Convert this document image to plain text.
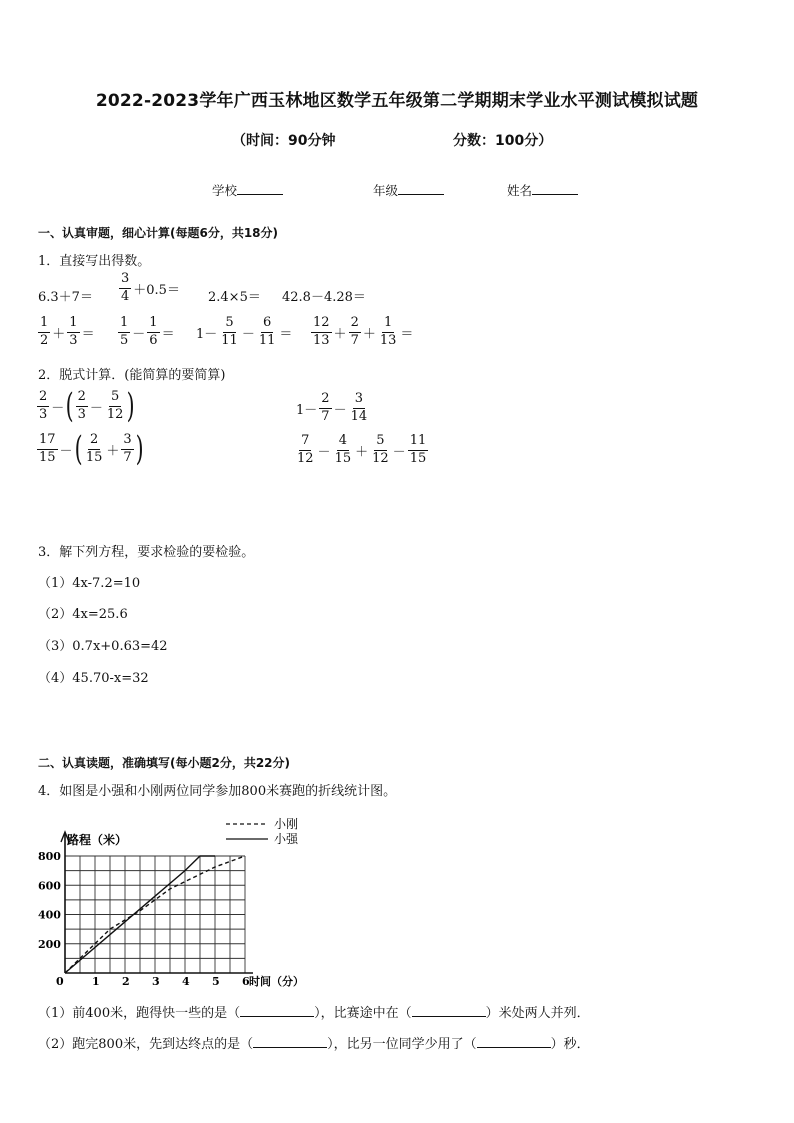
2022-2023学年广西玉林地区数学五年级第二学期期末学业水平测试模拟试题
（时间：90分钟	分数：100分）
学校	年级	姓名
一、认真审题，细心计算(每题6分，共18分)
1．直接写出得数。
$6.3+7= \frac{3}{4} +0.5= 2.4\times 5= 42.8-4.28=$
$\frac{1}{2} + \frac{1}{3} = \frac{1}{5} - \frac{1}{6} = 1- \frac{5}{11} - \frac{6}{11} = \frac{12}{13} + \frac{2}{7} + \frac{1}{13}$ ＝
2．脱式计算．(能简算的要简算)
$\frac{2}{3}$ －( $\frac{2}{3} - \frac{5}{12}$ )	$1- \frac{2}{7} - \frac{3}{14}$
$\frac{17}{15}$ －( $\frac{2}{15} + \frac{3}{7}$ )	$\frac{7}{12} - \frac{4}{15} + \frac{5}{12} - \frac{11}{15}$
3．解下列方程，要求检验的要检验。
（1）4x-7.2=10
（2）4x=25.6
（3）0.7x+0.63=42
（4）45.70-x=32
二、认真读题，准确填写(每小题2分，共22分)
4．如图是小强和小刚两位同学参加800米赛跑的折线统计图。
0	1 2 3 4 5 6
200
400
600
800
路程（米）
时间（分）
小刚
小强
（1）前400米，跑得快一些的是（	），比赛途中在（	）米处两人并列．
（2）跑完800米，先到达终点的是（	），比另一位同学少用了（	）秒．
